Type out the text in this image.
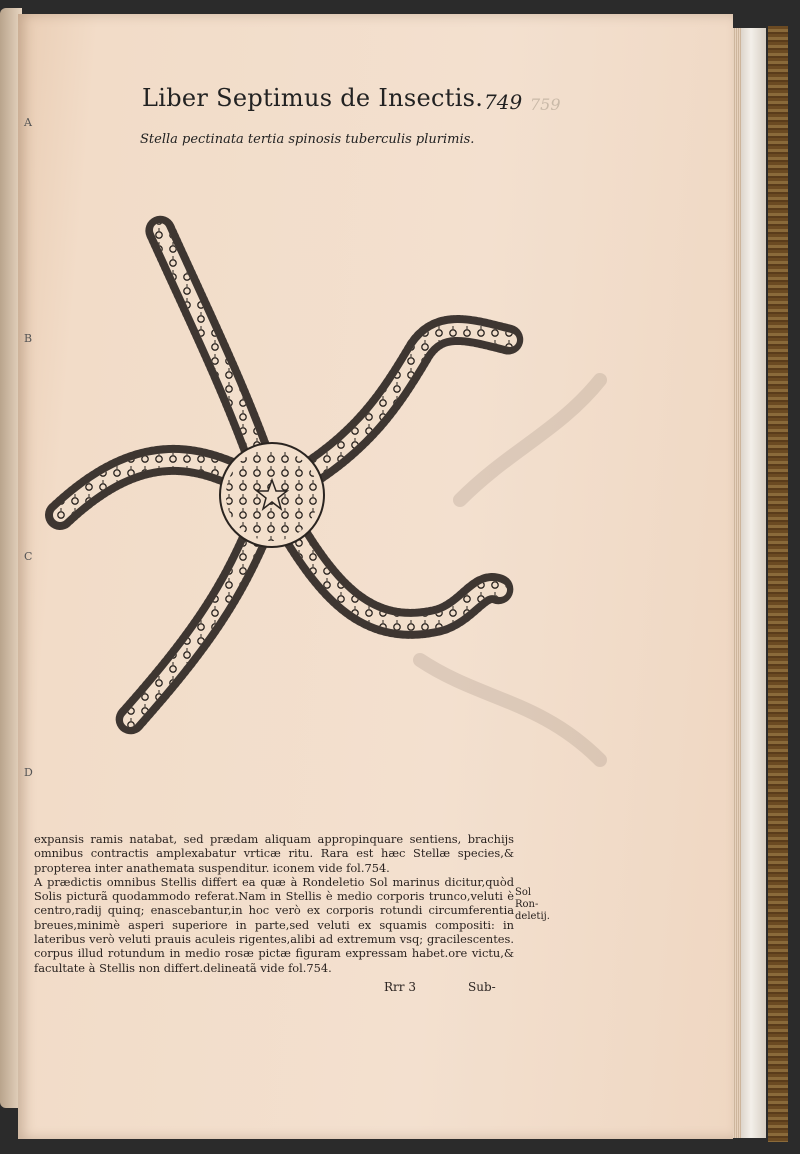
A
B
C
D
Liber Septimus de Insectis. 749 759
Stella pectinata tertia spinosis tuberculis plurimis.

expansis ramis natabat, sed prædam aliquam appropinquare sentiens, brachijs omnibus contractis amplexabatur vrticæ ritu. Rara est hæc Stellæ species,& propterea inter anathemata suspenditur. iconem vide fol.754.

A prædictis omnibus Stellis differt ea quæ à Rondeletio Sol marinus dicitur,quòd Solis picturã quodammodo referat.Nam in Stellis è medio corporis trunco,veluti è centro,radij quinq; enascebantur,in hoc verò ex corporis rotundi circumferentia breues,minimè asperi superiore in parte,sed veluti ex squamis compositi: in lateribus verò veluti prauis aculeis rigentes,alibi ad extremum vsq; gracilescentes. corpus illud rotundum in medio rosæ pictæ figuram expressam habet.ore victu,& facultate à Stellis non differt.delineatã vide fol.754.

Sol
Ron-
deletij.
Rrr 3	Sub-
